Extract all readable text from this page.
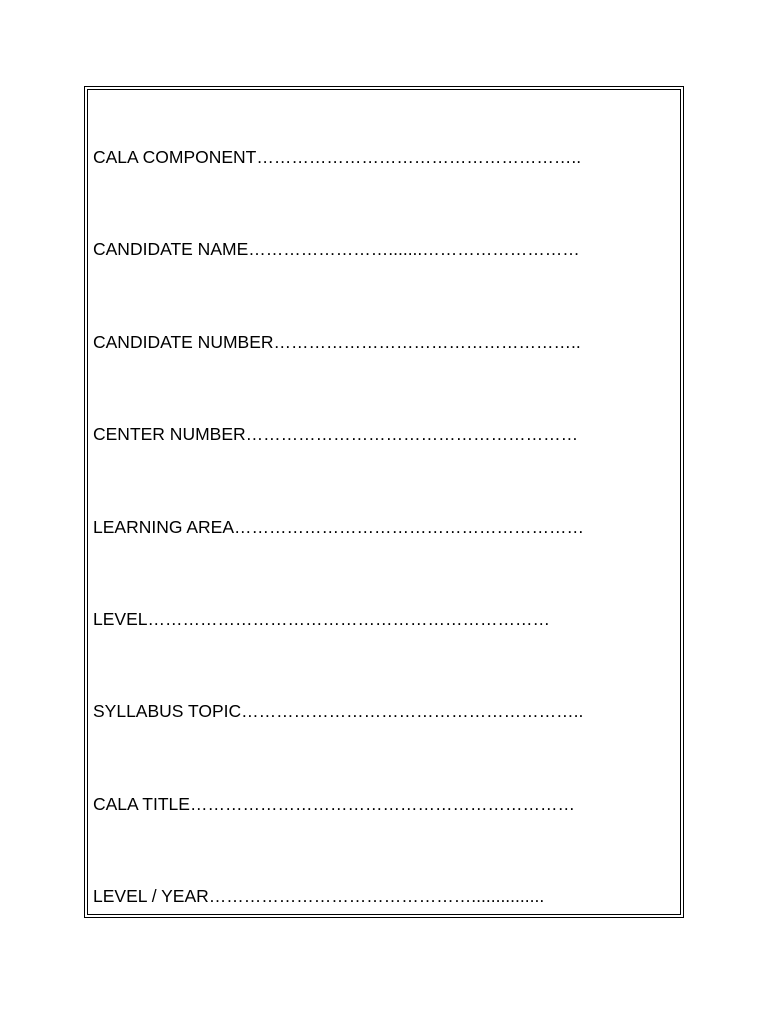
CALA COMPONENT………………………………………………..
CANDIDATE NAME…………………….......………………………
CANDIDATE NUMBER……………………………………………..
CENTER NUMBER…………………………………………………
LEARNING AREA……………………………………………………
LEVEL……………………………………………………………
SYLLABUS TOPIC…………………………………………………..
CALA TITLE…………………………………………………………
LEVEL / YEAR………………………………………...............
